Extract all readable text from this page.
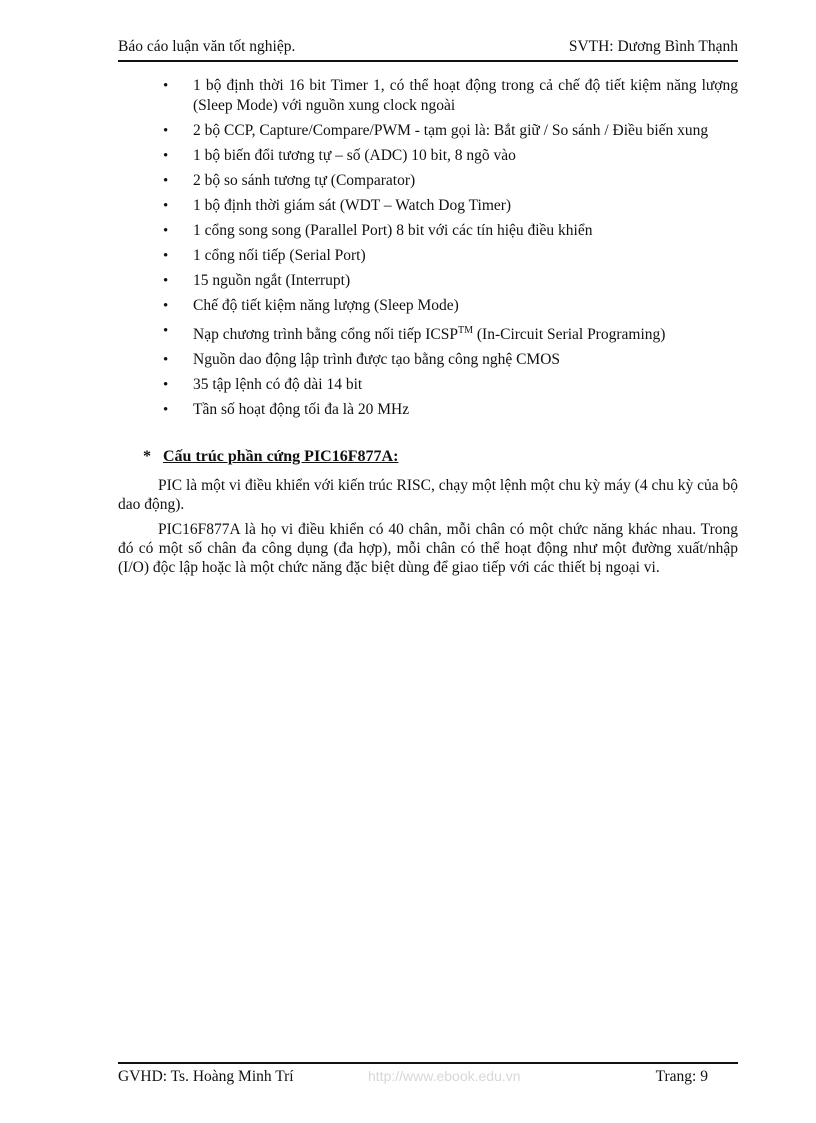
Báo cáo luận văn tốt nghiệp.	SVTH: Dương Bình Thạnh
• 1 bộ định thời 16 bit Timer 1, có thể hoạt động trong cả chế độ tiết kiệm năng lượng (Sleep Mode) với nguồn xung clock ngoài
• 2 bộ CCP, Capture/Compare/PWM - tạm gọi là: Bắt giữ / So sánh / Điều biến xung
• 1 bộ biến đổi tương tự – số (ADC) 10 bit, 8 ngõ vào
• 2 bộ so sánh tương tự (Comparator)
• 1 bộ định thời giám sát (WDT – Watch Dog Timer)
• 1 cổng song song (Parallel Port) 8 bit với các tín hiệu điều khiển
• 1 cổng nối tiếp (Serial Port)
• 15 nguồn ngắt (Interrupt)
• Chế độ tiết kiệm năng lượng (Sleep Mode)
• Nạp chương trình bằng cổng nối tiếp ICSP™ (In-Circuit Serial Programing)
• Nguồn dao động lập trình được tạo bằng công nghệ CMOS
• 35 tập lệnh có độ dài 14 bit
• Tần số hoạt động tối đa là 20 MHz
* Cấu trúc phần cứng PIC16F877A:

PIC là một vi điều khiển với kiến trúc RISC, chạy một lệnh một chu kỳ máy (4 chu kỳ của bộ dao động).

PIC16F877A là họ vi điều khiển có 40 chân, mỗi chân có một chức năng khác nhau. Trong đó có một số chân đa công dụng (đa hợp), mỗi chân có thể hoạt động như một đường xuất/nhập (I/O) độc lập hoặc là một chức năng đặc biệt dùng để giao tiếp với các thiết bị ngoại vi.

GVHD: Ts. Hoàng Minh Trí	http://www.ebook.edu.vn	Trang: 9
